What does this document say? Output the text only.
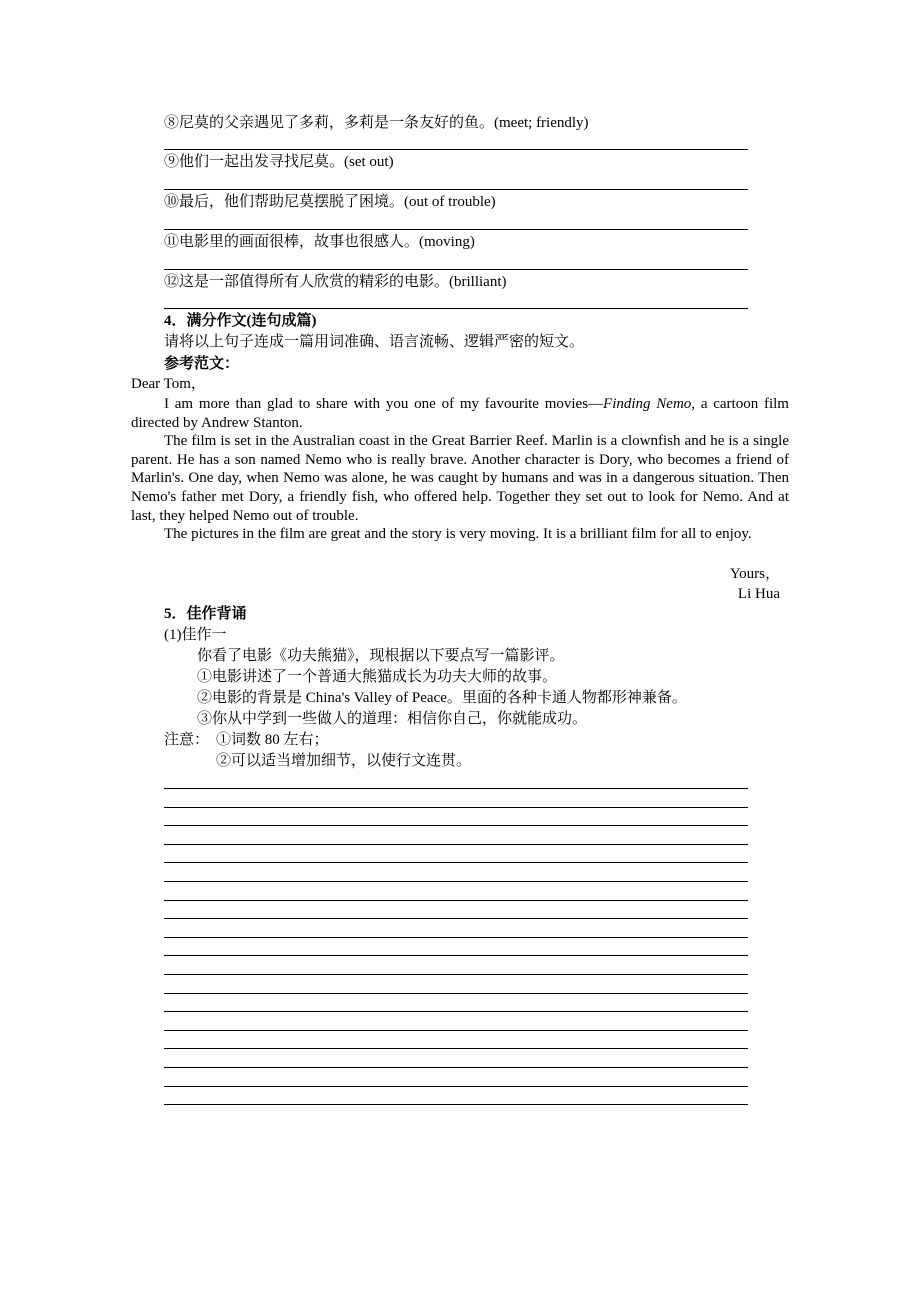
⑧尼莫的父亲遇见了多莉，多莉是一条友好的鱼。(meet; friendly)
⑨他们一起出发寻找尼莫。(set out)
⑩最后，他们帮助尼莫摆脱了困境。(out of trouble)
⑪电影里的画面很棒，故事也很感人。(moving)
⑫这是一部值得所有人欣赏的精彩的电影。(brilliant)
4．满分作文(连句成篇)
请将以上句子连成一篇用词准确、语言流畅、逻辑严密的短文。
参考范文：
Dear Tom，

I am more than glad to share with you one of my favourite movies—Finding Nemo, a cartoon film directed by Andrew Stanton.

The film is set in the Australian coast in the Great Barrier Reef. Marlin is a clownfish and he is a single parent. He has a son named Nemo who is really brave. Another character is Dory, who becomes a friend of Marlin's. One day, when Nemo was alone, he was caught by humans and was in a dangerous situation. Then Nemo's father met Dory, a friendly fish, who offered help. Together they set out to look for Nemo. And at last, they helped Nemo out of trouble.

The pictures in the film are great and the story is very moving. It is a brilliant film for all to enjoy.

Yours，
Li Hua
5．佳作背诵
(1)佳作一
你看了电影《功夫熊猫》，现根据以下要点写一篇影评。
①电影讲述了一个普通大熊猫成长为功夫大师的故事。
②电影的背景是 China's Valley of Peace。里面的各种卡通人物都形神兼备。
③你从中学到一些做人的道理：相信你自己，你就能成功。
注意： ①词数 80 左右；
②可以适当增加细节，以使行文连贯。
